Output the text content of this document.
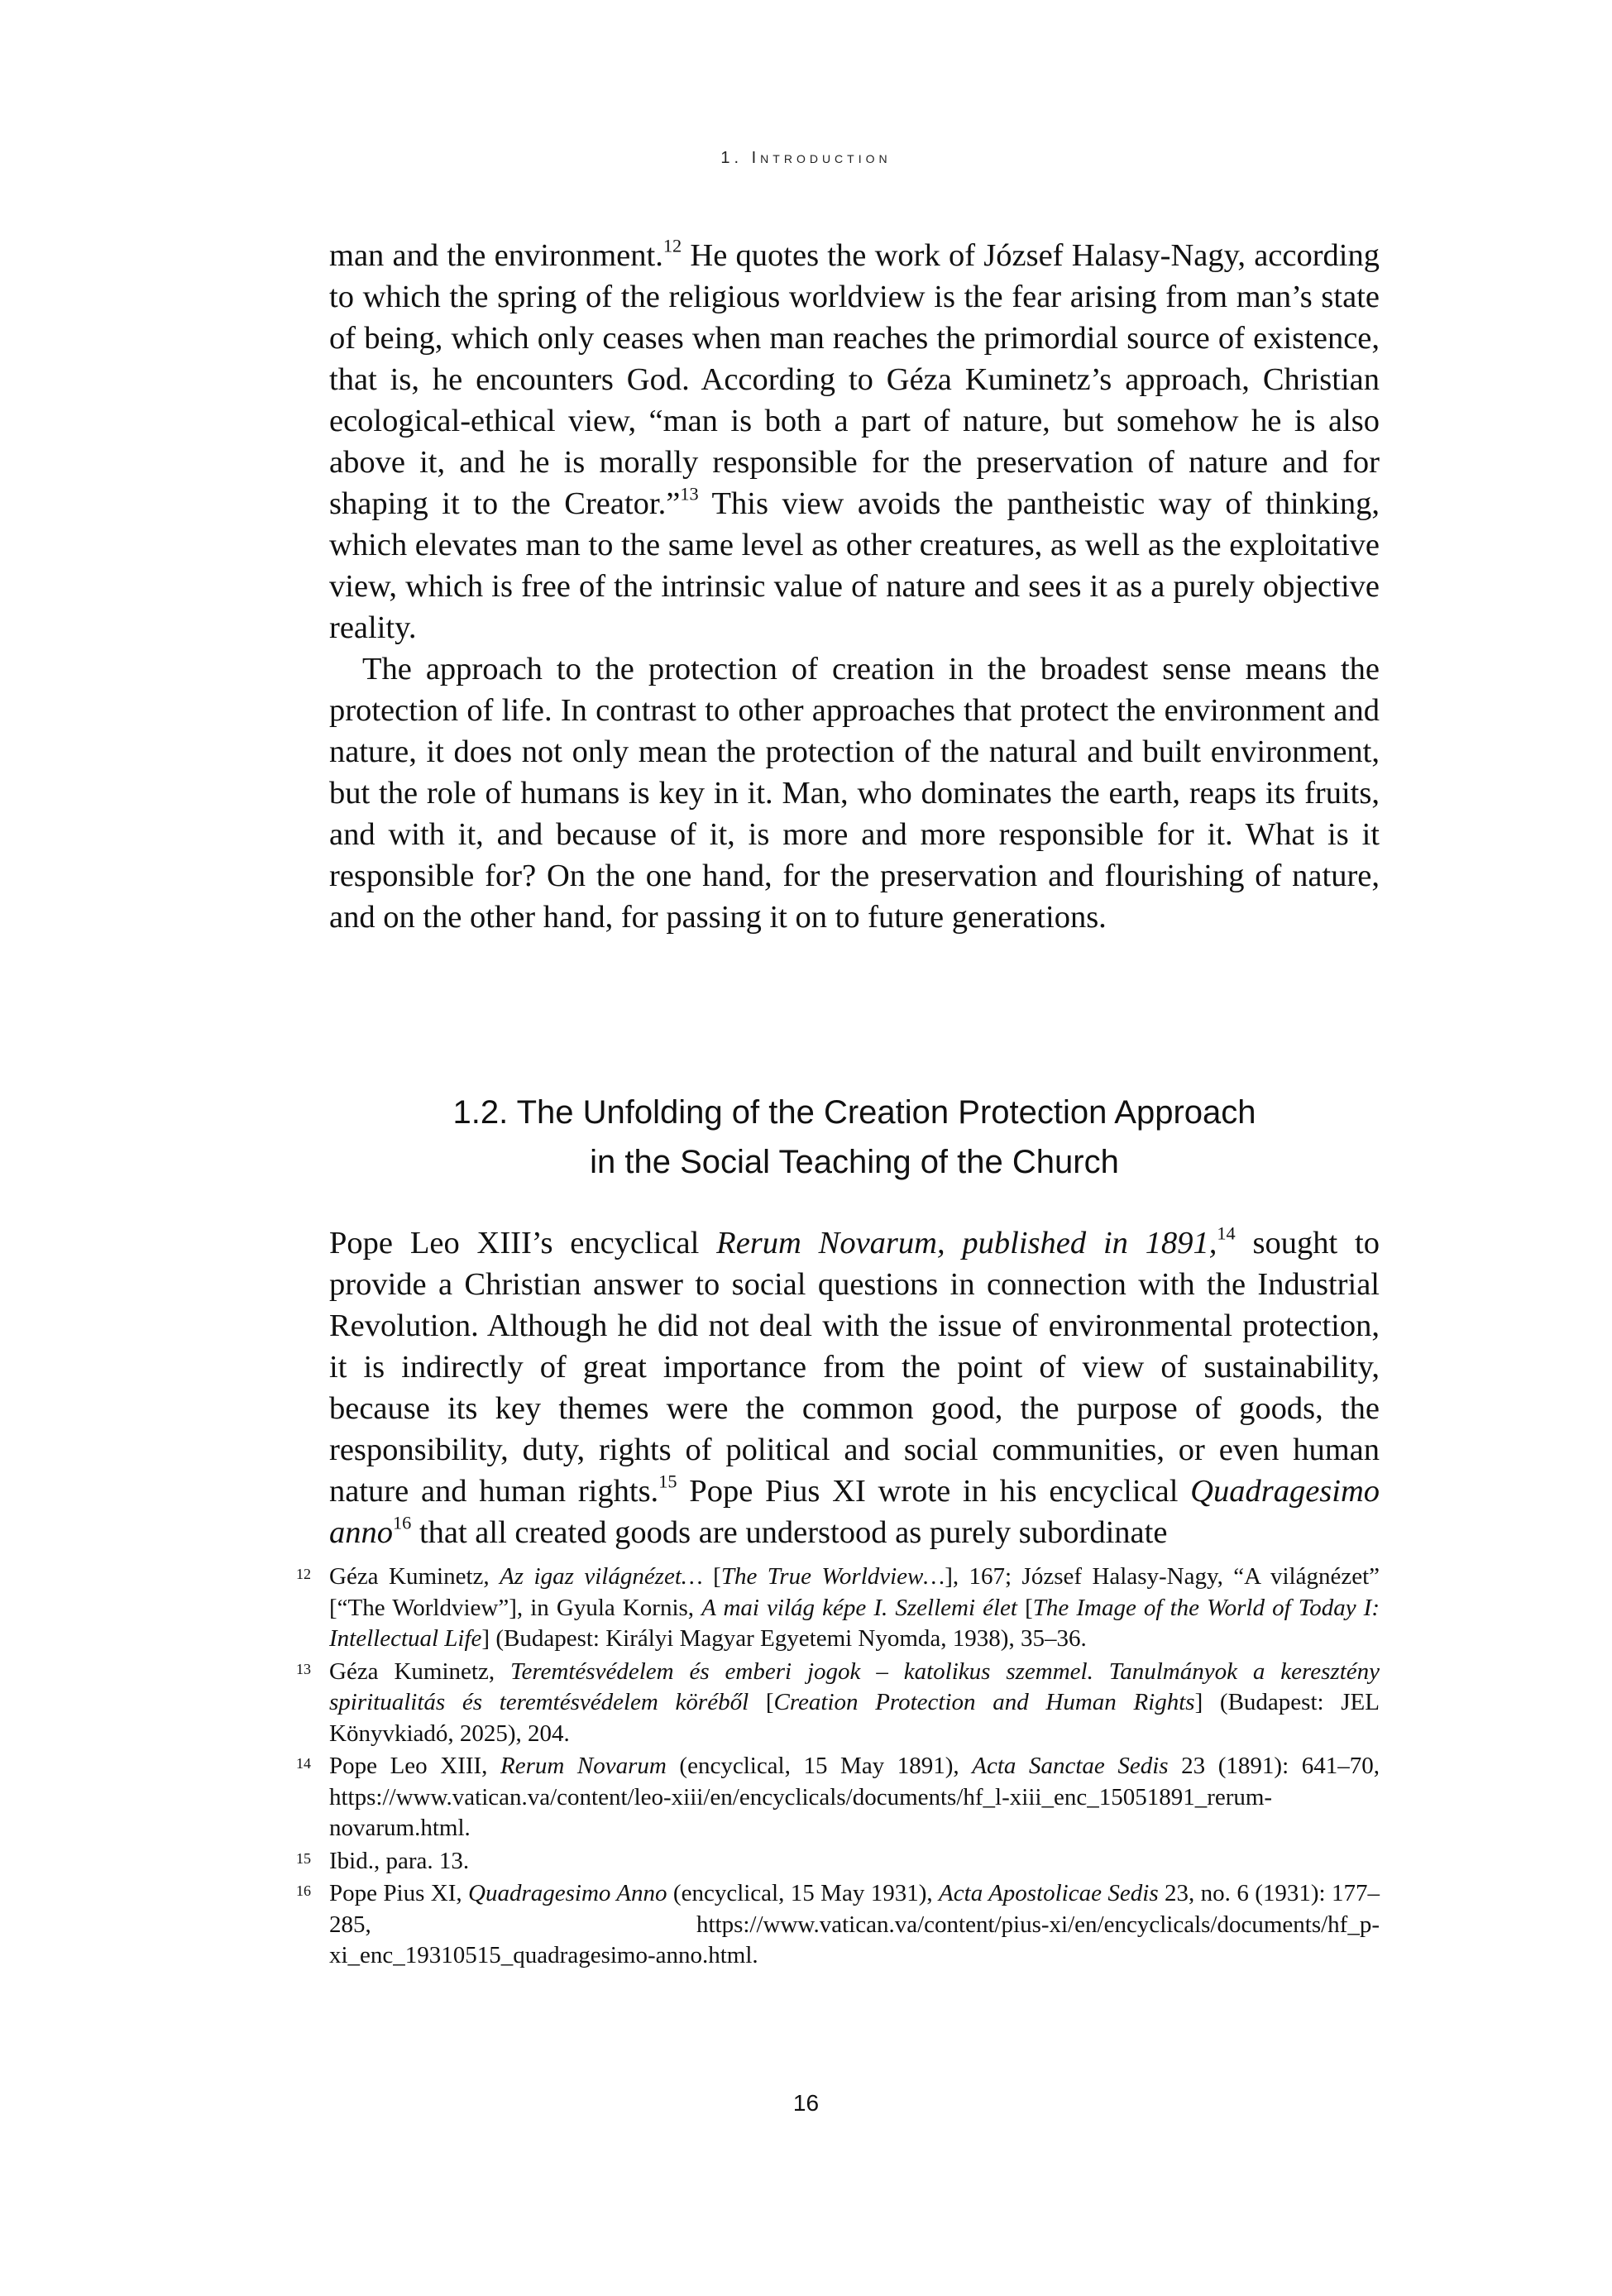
1. Introduction

man and the environment.$^{12}$ He quotes the work of József Halasy-Nagy, according to which the spring of the religious worldview is the fear arising from man’s state of being, which only ceases when man reaches the primordial source of existence, that is, he encounters God. According to Géza Kuminetz’s approach, Christian ecological-ethical view, “man is both a part of nature, but somehow he is also above it, and he is morally responsible for the preservation of nature and for shaping it to the Creator.”$^{13}$ This view avoids the pantheistic way of thinking, which elevates man to the same level as other creatures, as well as the exploitative view, which is free of the intrinsic value of nature and sees it as a purely objective reality.

The approach to the protection of creation in the broadest sense means the protection of life. In contrast to other approaches that protect the environment and nature, it does not only mean the protection of the natural and built environment, but the role of humans is key in it. Man, who dominates the earth, reaps its fruits, and with it, and because of it, is more and more responsible for it. What is it responsible for? On the one hand, for the preservation and flourishing of nature, and on the other hand, for passing it on to future generations.

1.2. The Unfolding of the Creation Protection Approach
in the Social Teaching of the Church

Pope Leo XIII’s encyclical Rerum Novarum, published in 1891,14 sought to provide a Christian answer to social questions in connection with the Industrial Revolution. Although he did not deal with the issue of environmental protection, it is indirectly of great importance from the point of view of sustainability, because its key themes were the common good, the purpose of goods, the responsibility, duty, rights of political and social communities, or even human nature and human rights.$^{15}$ Pope Pius XI wrote in his encyclical Quadragesimo anno$^{16}$ that all created goods are understood as purely subordinate

12 Géza Kuminetz, Az igaz világnézet… [The True Worldview…], 167; József Halasy-Nagy, “A világnézet” [“The Worldview”], in Gyula Kornis, A mai világ képe I. Szellemi élet [The Image of the World of Today I: Intellectual Life] (Budapest: Királyi Magyar Egyetemi Nyomda, 1938), 35–36.
13 Géza Kuminetz, Teremtésvédelem és emberi jogok – katolikus szemmel. Tanulmányok a keresztény spiritualitás és teremtésvédelem köréből [Creation Protection and Human Rights] (Budapest: JEL Könyvkiadó, 2025), 204.
14 Pope Leo XIII, Rerum Novarum (encyclical, 15 May 1891), Acta Sanctae Sedis 23 (1891): 641–70, https://www.vatican.va/content/leo-xiii/en/encyclicals/documents/hf_l-xiii_enc_15051891_rerum-novarum.html.
15 Ibid., para. 13.
16 Pope Pius XI, Quadragesimo Anno (encyclical, 15 May 1931), Acta Apostolicae Sedis 23, no. 6 (1931): 177–285, https://www.vatican.va/content/pius-xi/en/encyclicals/documents/hf_p-xi_enc_19310515_quadragesimo-anno.html.
16
